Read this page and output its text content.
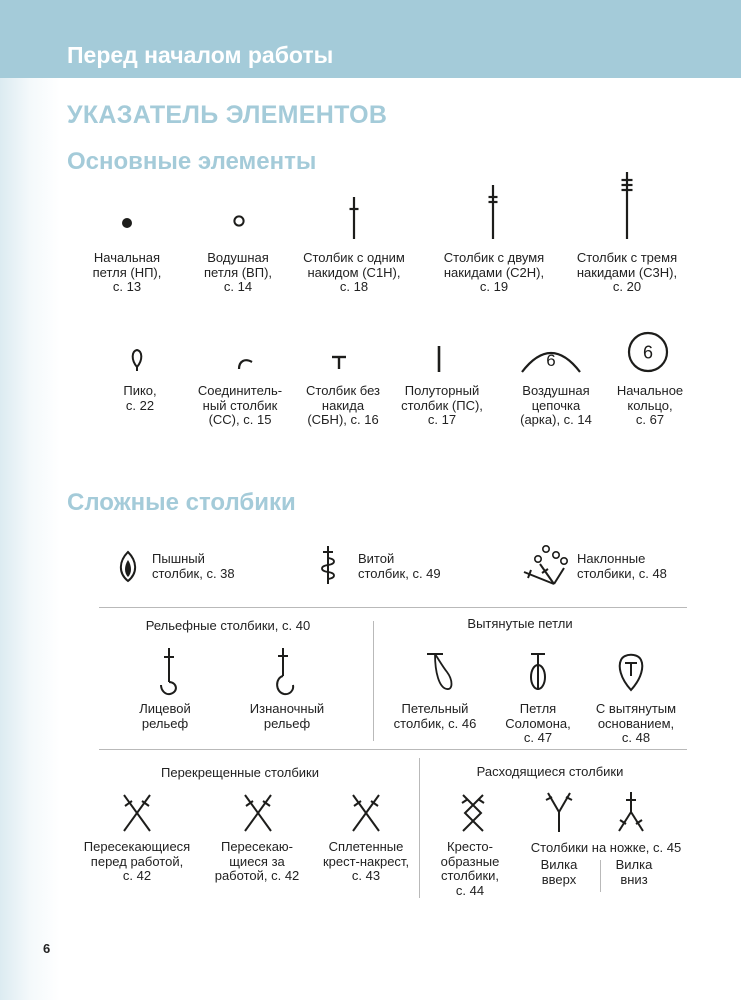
Перед началом работы
УКАЗАТЕЛЬ ЭЛЕМЕНТОВ
Основные элементы
Начальная
петля (НП),
с. 13
Водушная
петля (ВП),
с. 14
Столбик с одним
накидом (С1Н),
с. 18
Столбик с двумя
накидами (С2Н),
с. 19
Столбик с тремя
накидами (С3Н),
с. 20
6	6
Пико,
с. 22
Соединитель-
ный столбик
(СС), с. 15
Столбик без
накида
(СБН), с. 16
Полуторный
столбик (ПС),
с. 17
Воздушная
цепочка
(арка), с. 14
Начальное
кольцо,
с. 67
Сложные столбики
Пышный
столбик, с. 38
Витой
столбик, с. 49
Наклонные
столбики, с. 48
Рельефные столбики, с. 40
Лицевой
рельеф
Изнаночный
рельеф
Вытянутые петли
Петельный
столбик, с. 46
Петля
Соломона,
с. 47
С вытянутым
основанием,
с. 48
Перекрещенные столбики
Пересекающиеся
перед работой,
с. 42
Пересекаю-
щиеся за
работой, с. 42
Сплетенные
крест-накрест,
с. 43
Расходящиеся столбики
Кресто-
образные
столбики,
с. 44
Столбики на ножке, с. 45
Вилка
вверх
Вилка
вниз
6
